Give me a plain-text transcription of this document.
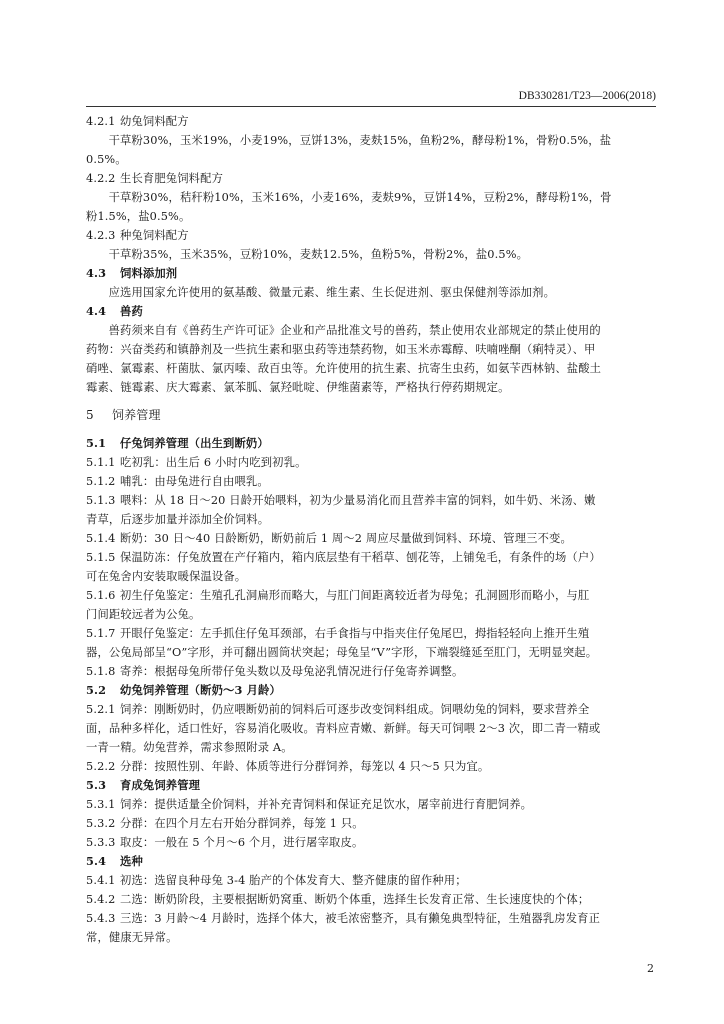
DB330281/T23—2006(2018)
4.2.1 幼兔饲料配方
干草粉30%，玉米19%，小麦19%，豆饼13%，麦麸15%，鱼粉2%，酵母粉1%，骨粉0.5%，盐
0.5%。
4.2.2 生长育肥兔饲料配方
干草粉30%，秸秆粉10%，玉米16%，小麦16%，麦麸9%，豆饼14%，豆粉2%，酵母粉1%，骨
粉1.5%，盐0.5%。
4.2.3 种兔饲料配方
干草粉35%，玉米35%，豆粉10%，麦麸12.5%，鱼粉5%，骨粉2%，盐0.5%。
4.3 饲料添加剂
应选用国家允许使用的氨基酸、微量元素、维生素、生长促进剂、驱虫保健剂等添加剂。
4.4 兽药
兽药须来自有《兽药生产许可证》企业和产品批准文号的兽药，禁止使用农业部规定的禁止使用的
药物：兴奋类药和镇静剂及一些抗生素和驱虫药等违禁药物，如玉米赤霉醇、呋喃唑酮（痢特灵）、甲
硝唑、氯霉素、杆菌肽、氯丙嗪、敌百虫等。允许使用的抗生素、抗寄生虫药，如氨苄西林钠、盐酸土
霉素、链霉素、庆大霉素、氯苯胍、氯羟吡啶、伊维菌素等，严格执行停药期规定。
5 饲养管理
5.1 仔兔饲养管理（出生到断奶）
5.1.1 吃初乳：出生后 6 小时内吃到初乳。
5.1.2 哺乳：由母兔进行自由喂乳。
5.1.3 喂料：从 18 日～20 日龄开始喂料，初为少量易消化而且营养丰富的饲料，如牛奶、米汤、嫩
青草，后逐步加量并添加全价饲料。
5.1.4 断奶：30 日～40 日龄断奶，断奶前后 1 周～2 周应尽量做到饲料、环境、管理三不变。
5.1.5 保温防冻：仔兔放置在产仔箱内，箱内底层垫有干稻草、刨花等，上铺兔毛，有条件的场（户）
可在兔舍内安装取暖保温设备。
5.1.6 初生仔兔鉴定：生殖孔孔洞扁形而略大，与肛门间距离较近者为母兔；孔洞圆形而略小，与肛
门间距较远者为公兔。
5.1.7 开眼仔兔鉴定：左手抓住仔兔耳颈部，右手食指与中指夹住仔兔尾巴，拇指轻轻向上推开生殖
器，公兔局部呈“O”字形，并可翻出圆筒状突起；母兔呈“V”字形，下端裂缝延至肛门，无明显突起。
5.1.8 寄养：根据母兔所带仔兔头数以及母兔泌乳情况进行仔兔寄养调整。
5.2 幼兔饲养管理（断奶～3 月龄）
5.2.1 饲养：刚断奶时，仍应喂断奶前的饲料后可逐步改变饲料组成。饲喂幼兔的饲料，要求营养全
面，品种多样化，适口性好，容易消化吸收。青料应青嫩、新鲜。每天可饲喂 2～3 次，即二青一精或
一青一精。幼兔营养，需求参照附录 A。
5.2.2 分群：按照性别、年龄、体质等进行分群饲养，每笼以 4 只～5 只为宜。
5.3 育成兔饲养管理
5.3.1 饲养：提供适量全价饲料，并补充青饲料和保证充足饮水，屠宰前进行育肥饲养。
5.3.2 分群：在四个月左右开始分群饲养，每笼 1 只。
5.3.3 取皮：一般在 5 个月～6 个月，进行屠宰取皮。
5.4 选种
5.4.1 初选：选留良种母兔 3-4 胎产的个体发育大、整齐健康的留作种用；
5.4.2 二选：断奶阶段，主要根据断奶窝重、断奶个体重，选择生长发育正常、生长速度快的个体；
5.4.3 三选：3 月龄～4 月龄时，选择个体大，被毛浓密整齐，具有獭兔典型特征，生殖器乳房发育正
常，健康无异常。
2
